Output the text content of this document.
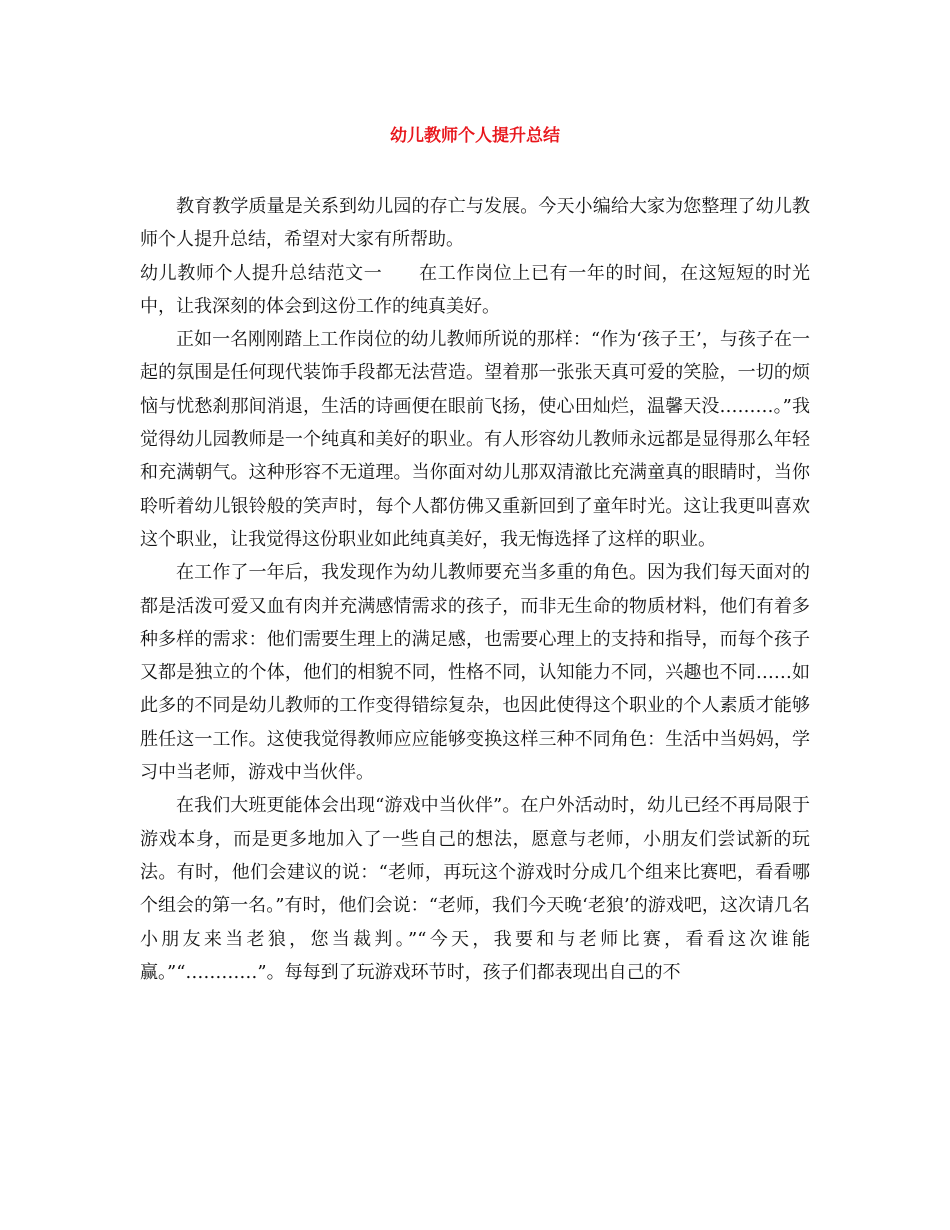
幼儿教师个人提升总结

教育教学质量是关系到幼儿园的存亡与发展。今天小编给大家为您整理了幼儿教师个人提升总结，希望对大家有所帮助。

幼儿教师个人提升总结范文一 在工作岗位上已有一年的时间，在这短短的时光中，让我深刻的体会到这份工作的纯真美好。

正如一名刚刚踏上工作岗位的幼儿教师所说的那样：“作为‘孩子王’，与孩子在一起的氛围是任何现代装饰手段都无法营造。望着那一张张天真可爱的笑脸，一切的烦恼与忧愁刹那间消退，生活的诗画便在眼前飞扬，使心田灿烂，温馨天没………。”我觉得幼儿园教师是一个纯真和美好的职业。有人形容幼儿教师永远都是显得那么年轻和充满朝气。这种形容不无道理。当你面对幼儿那双清澈比充满童真的眼睛时，当你聆听着幼儿银铃般的笑声时，每个人都仿佛又重新回到了童年时光。这让我更叫喜欢这个职业，让我觉得这份职业如此纯真美好，我无悔选择了这样的职业。

在工作了一年后，我发现作为幼儿教师要充当多重的角色。因为我们每天面对的都是活泼可爱又血有肉并充满感情需求的孩子，而非无生命的物质材料，他们有着多种多样的需求：他们需要生理上的满足感，也需要心理上的支持和指导，而每个孩子又都是独立的个体，他们的相貌不同，性格不同，认知能力不同，兴趣也不同……如此多的不同是幼儿教师的工作变得错综复杂，也因此使得这个职业的个人素质才能够胜任这一工作。这使我觉得教师应应能够变换这样三种不同角色：生活中当妈妈，学习中当老师，游戏中当伙伴。

在我们大班更能体会出现“游戏中当伙伴”。在户外活动时，幼儿已经不再局限于游戏本身，而是更多地加入了一些自己的想法，愿意与老师，小朋友们尝试新的玩法。有时，他们会建议的说：“老师，再玩这个游戏时分成几个组来比赛吧，看看哪个组会的第一名。”有时，他们会说：“老师，我们今天晚‘老狼’的游戏吧，这次请几名小朋友来当老狼，您当裁判。”“今天，我要和与老师比赛，看看这次谁能赢。”“…………”。每每到了玩游戏环节时，孩子们都表现出自己的不
